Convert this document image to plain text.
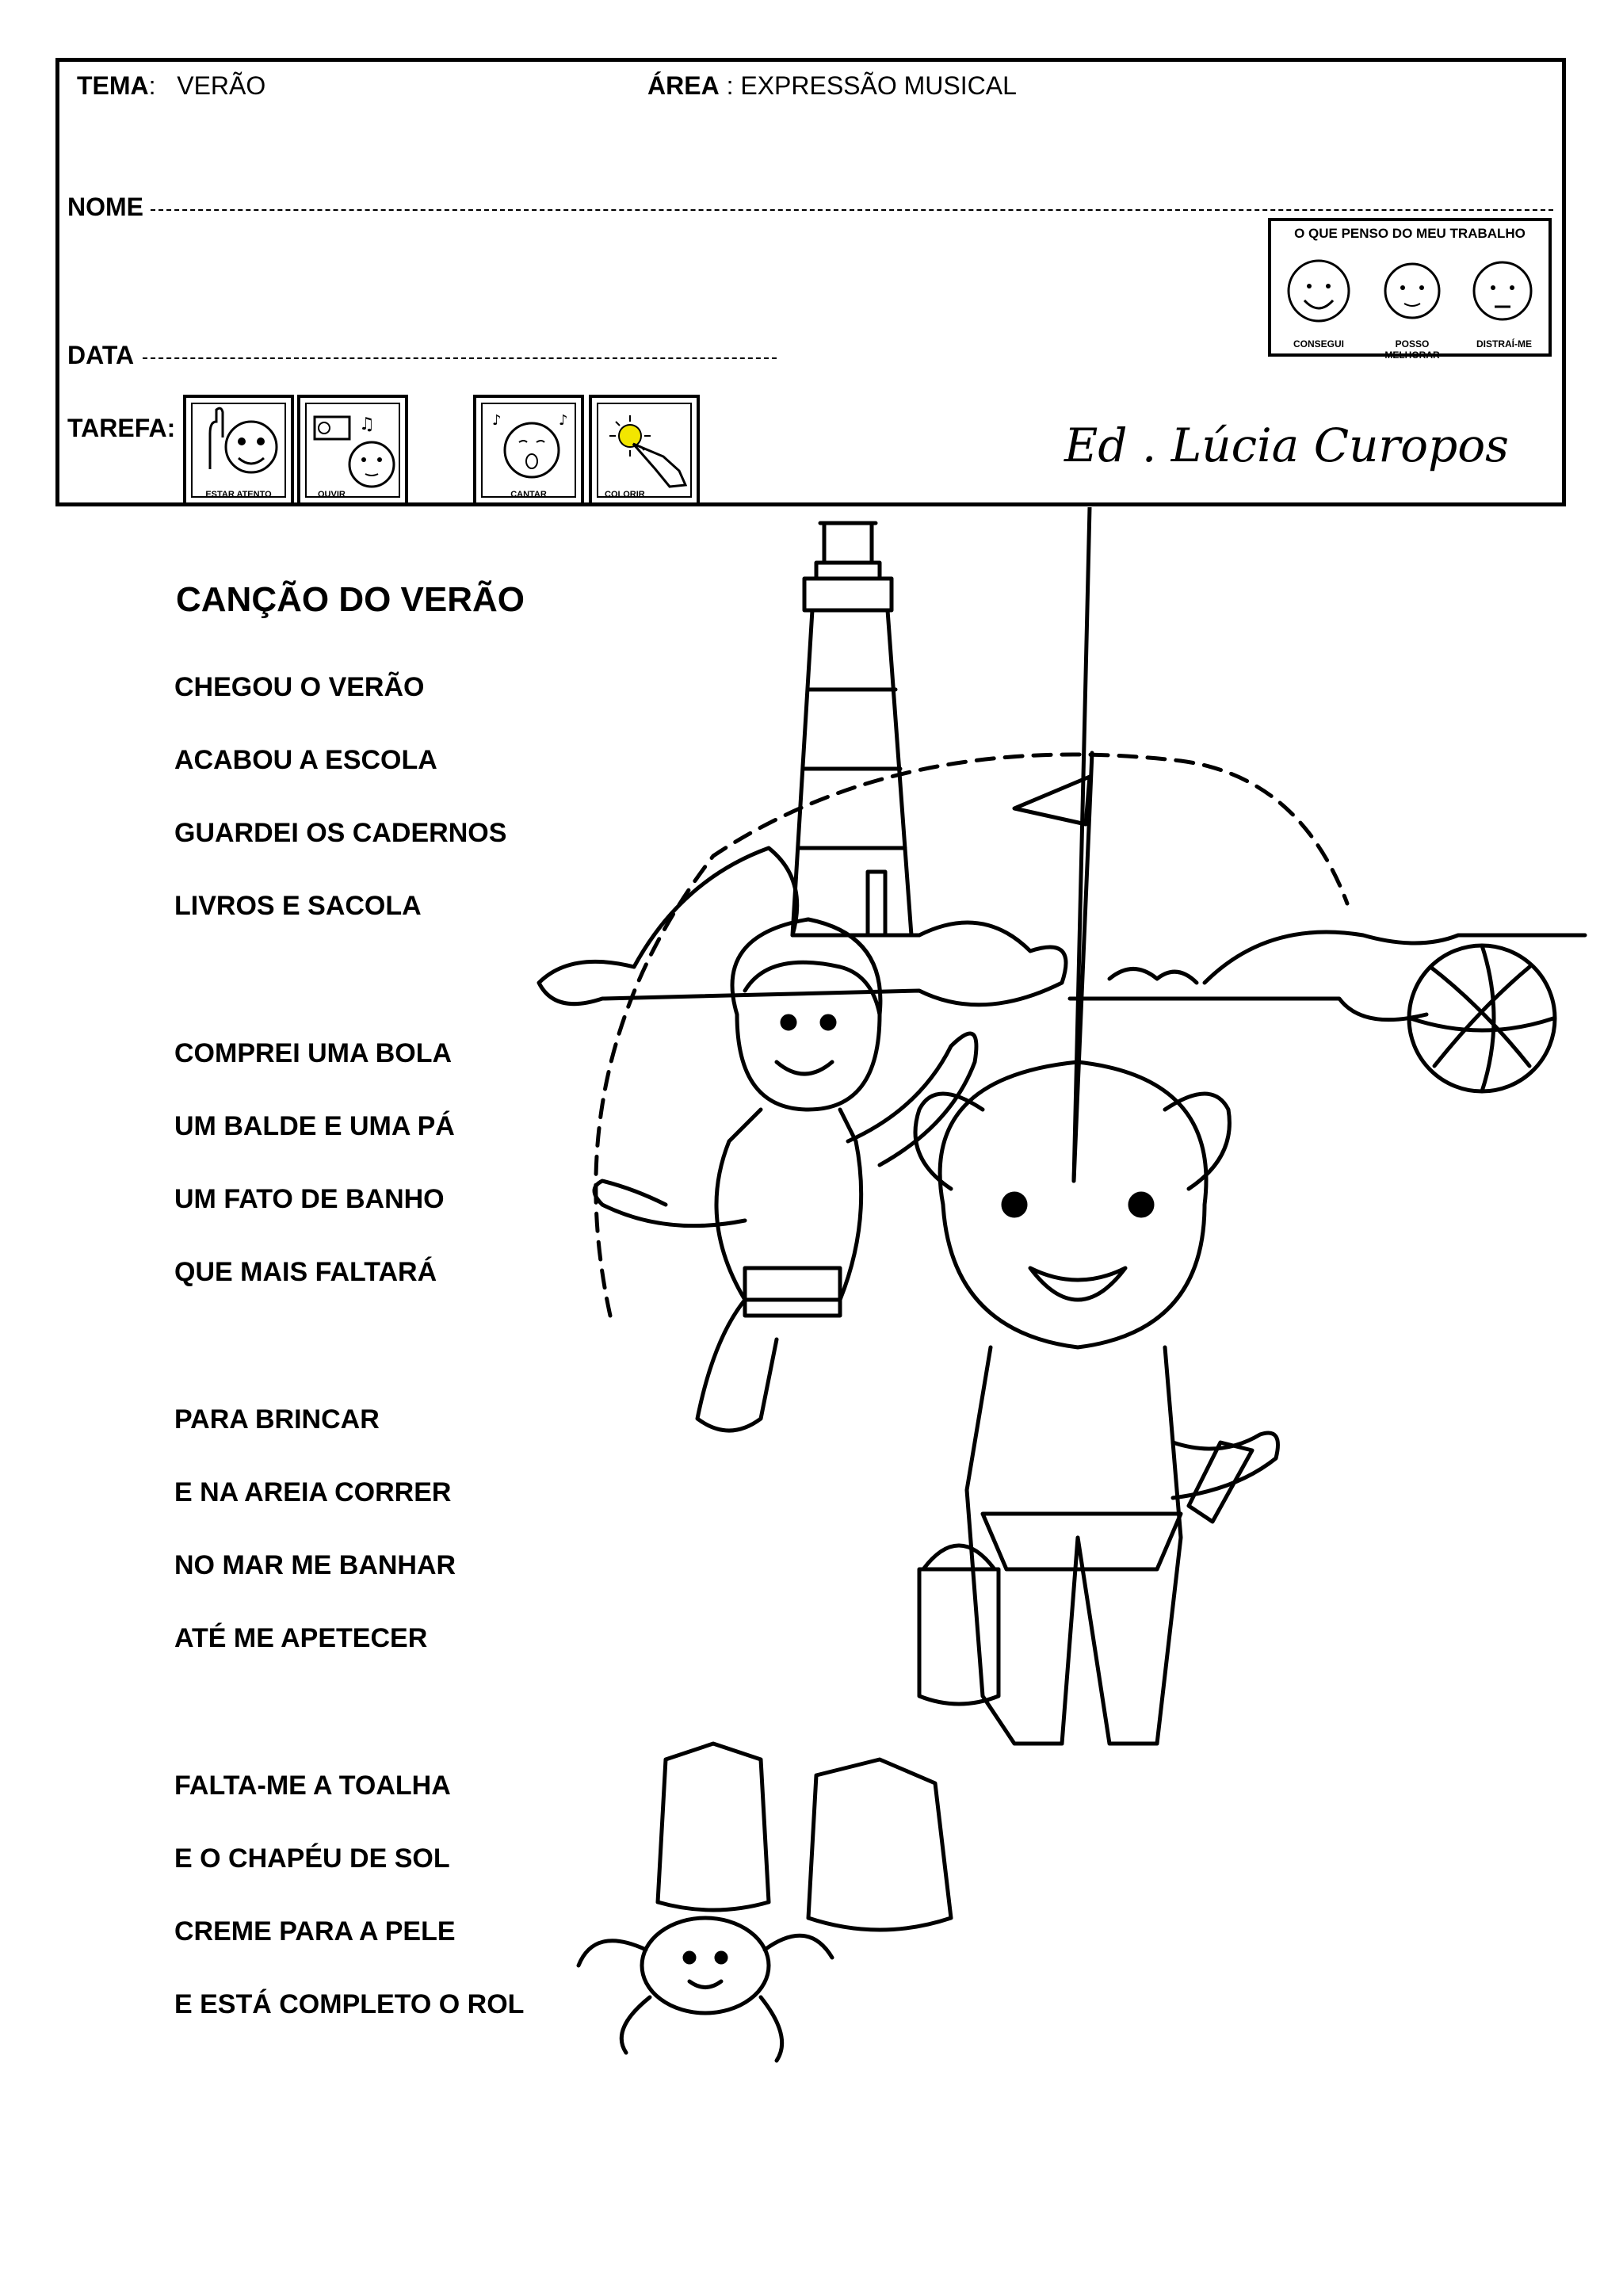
TEMA:   VERÃO	ÁREA : EXPRESSÃO MUSICAL
NOME
DATA
TAREFA:
ESTAR ATENTO
♫
OUVIR
♪	♪
CANTAR	COLORIR
O QUE PENSO DO MEU TRABALHO
CONSEGUI	POSSO MELHORAR
DISTRAÍ-ME
Ed . Lúcia Curopos
CANÇÃO DO VERÃO
CHEGOU O VERÃO
ACABOU A ESCOLA
GUARDEI OS CADERNOS
LIVROS E SACOLA
COMPREI UMA BOLA
UM BALDE E UMA PÁ
UM FATO DE BANHO
QUE MAIS FALTARÁ
PARA BRINCAR
E NA AREIA CORRER
NO MAR ME BANHAR
ATÉ ME APETECER
FALTA-ME A TOALHA
E O CHAPÉU DE SOL
CREME PARA A PELE
E ESTÁ COMPLETO O ROL
